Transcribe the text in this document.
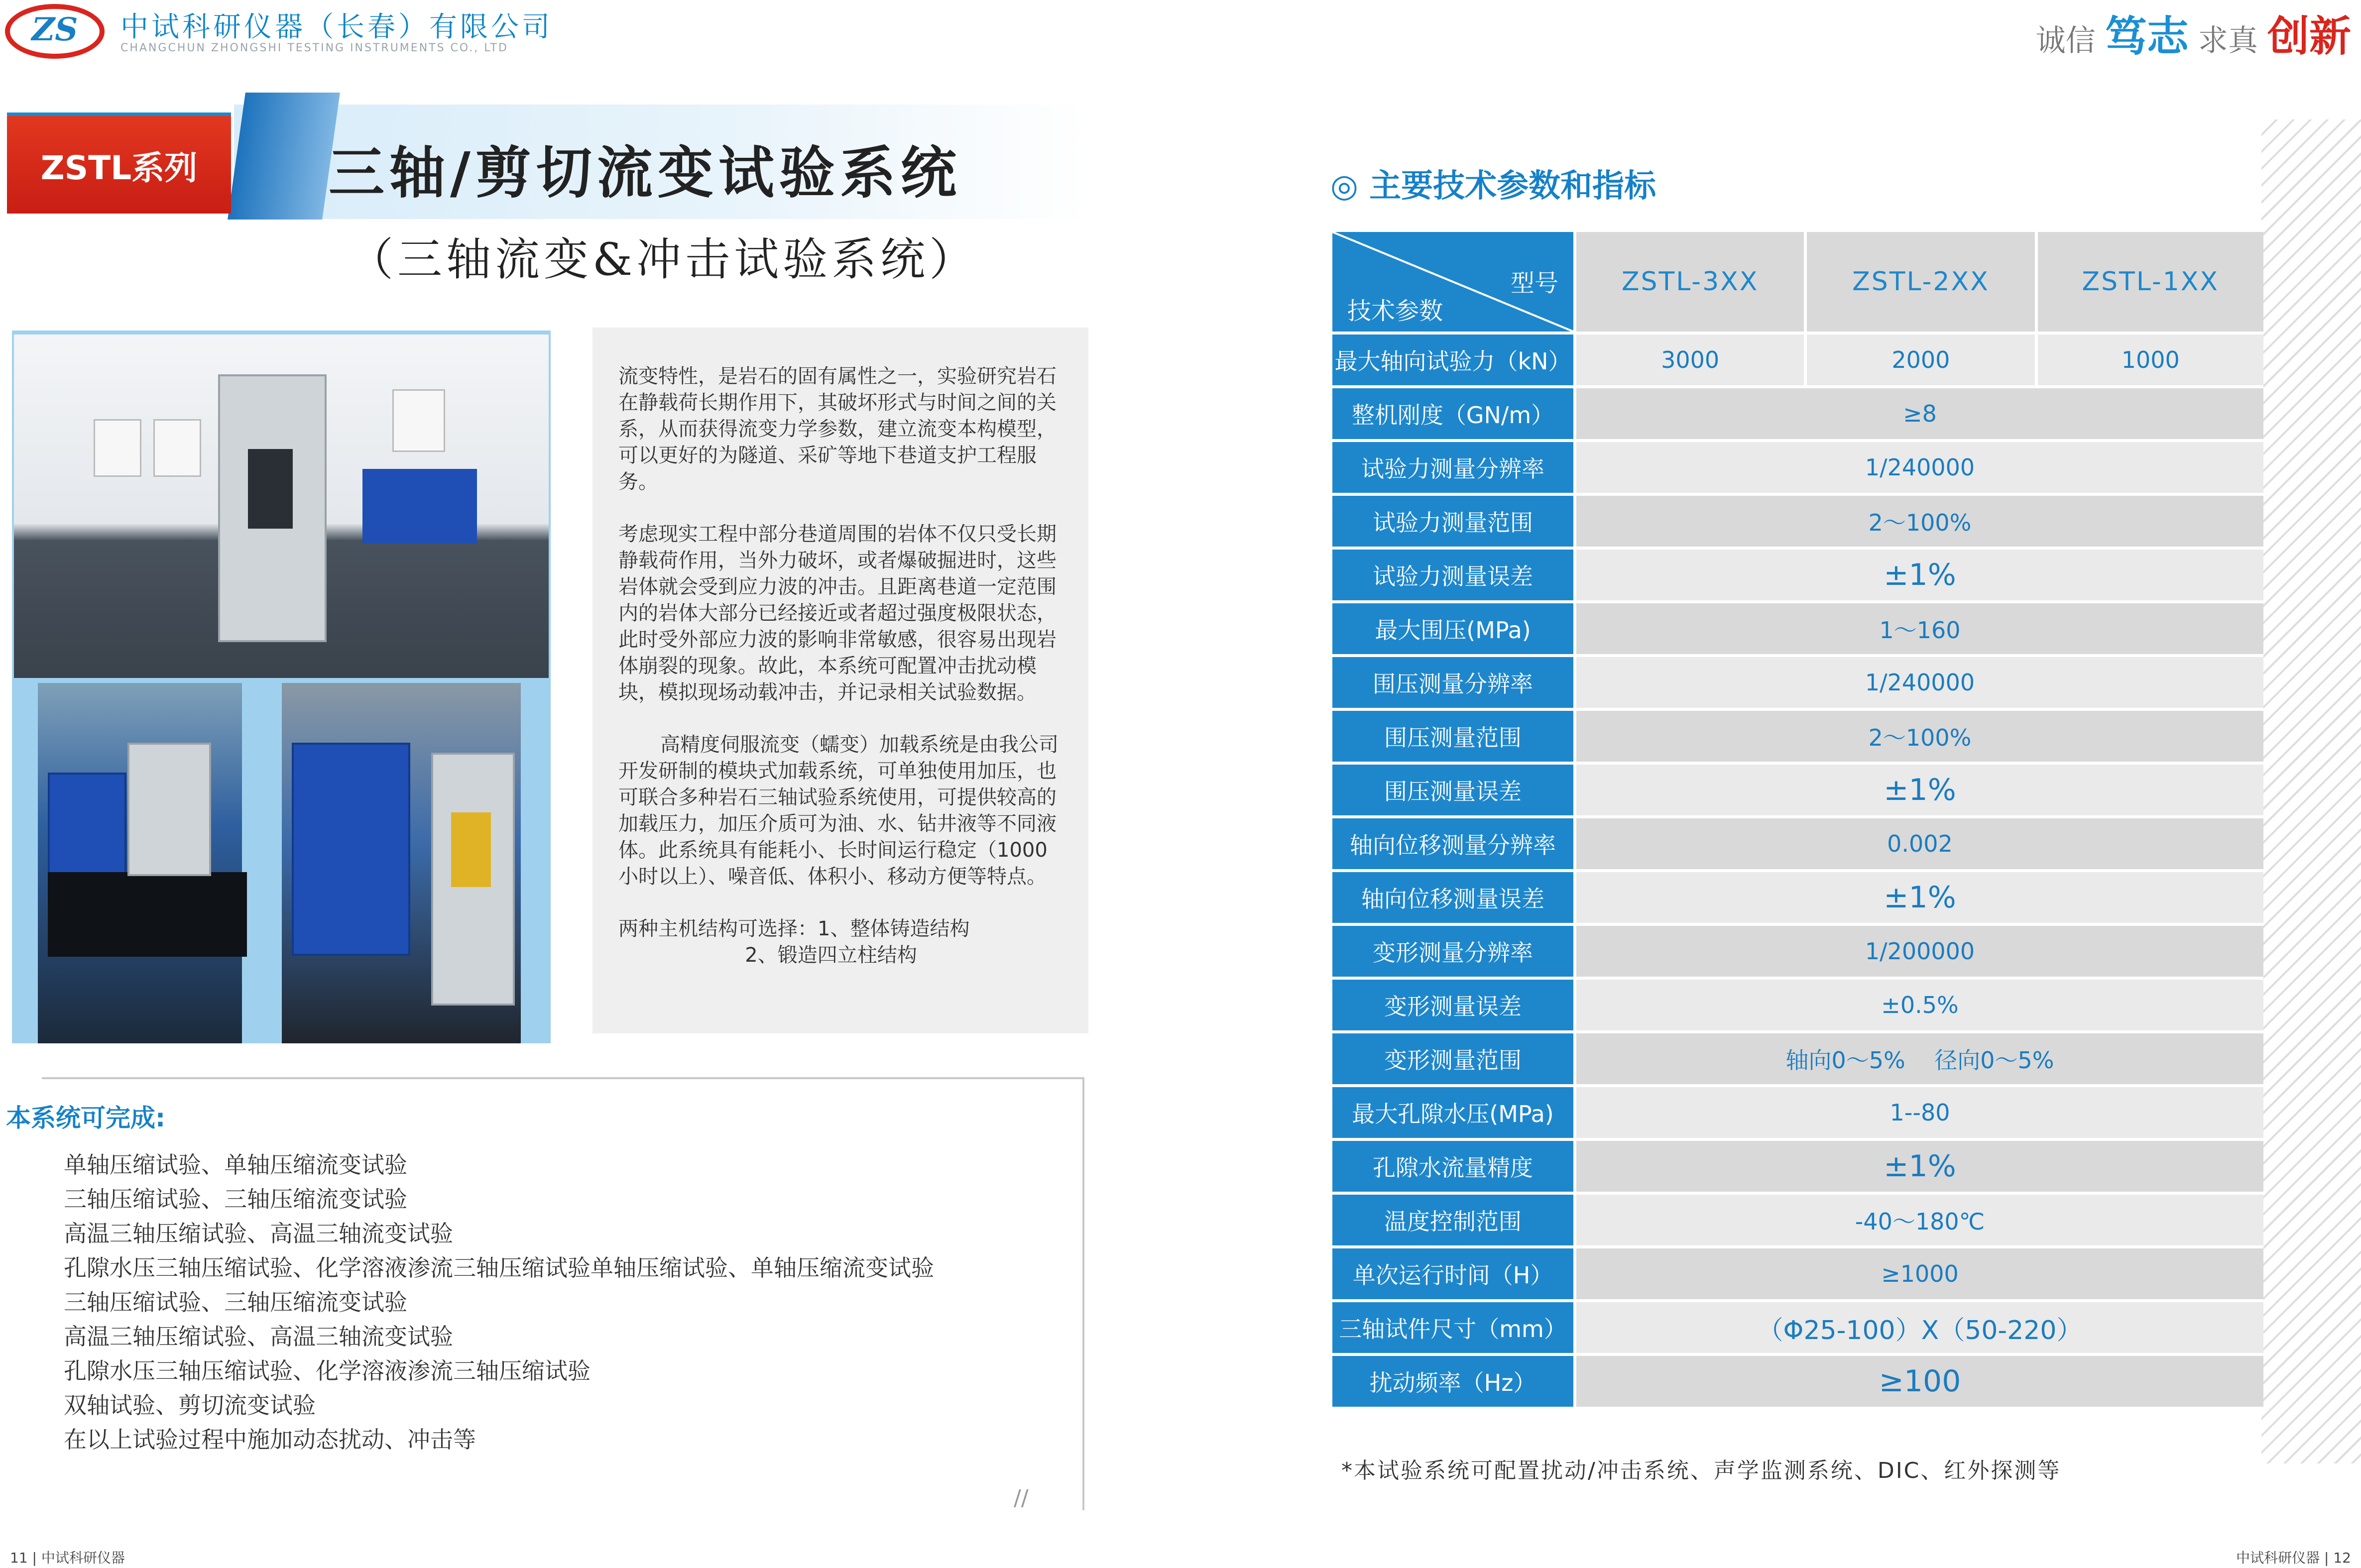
ZS	中试科研仪器（长春）有限公司
CHANGCHUN ZHONGSHI TESTING INSTRUMENTS CO., LTD	诚信 笃志 求真 创新
ZSTL系列	三轴/剪切流变试验系统
（三轴流变&冲击试验系统）

流变特性，是岩石的固有属性之一，实验研究岩石在静载荷长期作用下，其破坏形式与时间之间的关系，从而获得流变力学参数，建立流变本构模型，可以更好的为隧道、采矿等地下巷道支护工程服务。

考虑现实工程中部分巷道周围的岩体不仅只受长期静载荷作用，当外力破坏，或者爆破掘进时，这些岩体就会受到应力波的冲击。且距离巷道一定范围内的岩体大部分已经接近或者超过强度极限状态，此时受外部应力波的影响非常敏感，很容易出现岩体崩裂的现象。故此，本系统可配置冲击扰动模块，模拟现场动载冲击，并记录相关试验数据。

高精度伺服流变（蠕变）加载系统是由我公司开发研制的模块式加载系统，可单独使用加压，也可联合多种岩石三轴试验系统使用，可提供较高的加载压力，加压介质可为油、水、钻井液等不同液体。此系统具有能耗小、长时间运行稳定（1000小时以上）、噪音低、体积小、移动方便等特点。

两种主机结构可选择：1、整体铸造结构

2、锻造四立柱结构

本系统可完成:
单轴压缩试验、单轴压缩流变试验
三轴压缩试验、三轴压缩流变试验
高温三轴压缩试验、高温三轴流变试验
孔隙水压三轴压缩试验、化学溶液渗流三轴压缩试验单轴压缩试验、单轴压缩流变试验
三轴压缩试验、三轴压缩流变试验
高温三轴压缩试验、高温三轴流变试验
孔隙水压三轴压缩试验、化学溶液渗流三轴压缩试验
双轴试验、剪切流变试验
在以上试验过程中施加动态扰动、冲击等
//
11 | 中试科研仪器
◎ 主要技术参数和指标
型号
技术参数	ZSTL-3XX	ZSTL-2XX	ZSTL-1XX
最大轴向试验力（kN）	3000	2000	1000
整机刚度（GN/m）	≥8		
试验力测量分辨率	1/240000		
试验力测量范围	2～100%		
试验力测量误差	±1%		
最大围压(MPa)	1～160		
围压测量分辨率	1/240000		
围压测量范围	2～100%		
围压测量误差	±1%		
轴向位移测量分辨率	0.002		
轴向位移测量误差	±1%		
变形测量分辨率	1/200000		
变形测量误差	±0.5%		
变形测量范围	轴向0～5%    径向0～5%		
最大孔隙水压(MPa)	1--80		
孔隙水流量精度	±1%		
温度控制范围	-40～180℃		
单次运行时间（H）	≥1000		
三轴试件尺寸（mm）	（Φ25-100）X（50-220）		
扰动频率（Hz）	≥100		
*本试验系统可配置扰动/冲击系统、声学监测系统、DIC、红外探测等
中试科研仪器 | 12
